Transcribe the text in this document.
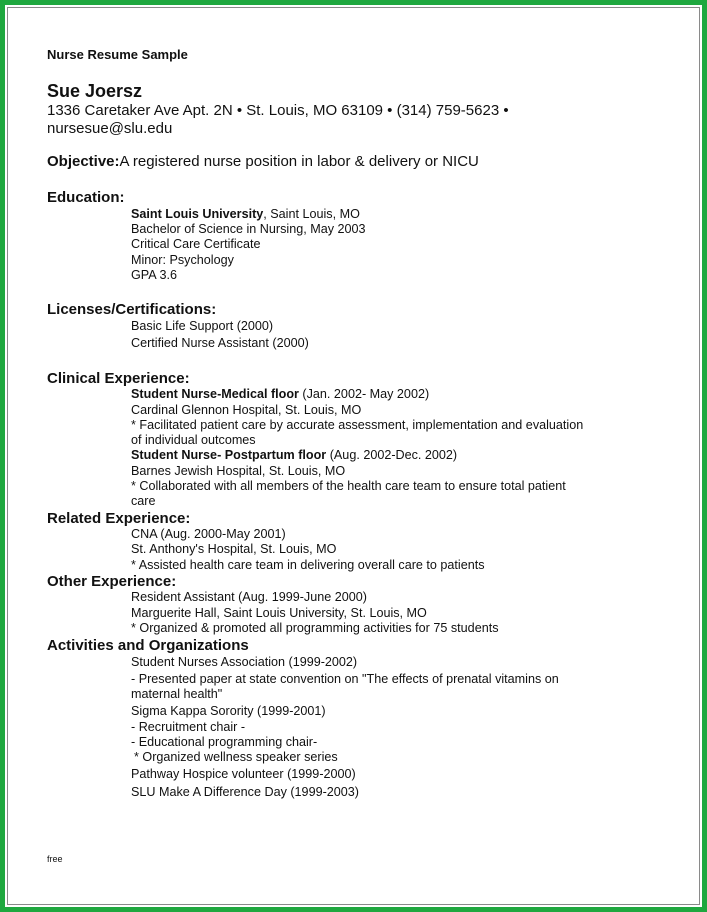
Nurse Resume Sample
Sue Joersz
1336 Caretaker Ave Apt. 2N • St. Louis, MO 63109 • (314) 759-5623 •
nursesue@slu.edu
Objective:A registered nurse position in labor & delivery or NICU
Education:
Saint Louis University, Saint Louis, MO
Bachelor of Science in Nursing, May 2003
Critical Care Certificate
Minor: Psychology
GPA 3.6
Licenses/Certifications:
Basic Life Support (2000)
Certified Nurse Assistant (2000)
Clinical Experience:
Student Nurse-Medical floor (Jan. 2002- May 2002)
Cardinal Glennon Hospital, St. Louis, MO
* Facilitated patient care by accurate assessment, implementation and evaluation
of individual outcomes
Student Nurse- Postpartum floor (Aug. 2002-Dec. 2002)
Barnes Jewish Hospital, St. Louis, MO
* Collaborated with all members of the health care team to ensure total patient
care
Related Experience:
CNA (Aug. 2000-May 2001)
St. Anthony's Hospital, St. Louis, MO
* Assisted health care team in delivering overall care to patients
Other Experience:
Resident Assistant (Aug. 1999-June 2000)
Marguerite Hall, Saint Louis University, St. Louis, MO
* Organized & promoted all programming activities for 75 students
Activities and Organizations
Student Nurses Association (1999-2002)
- Presented paper at state convention on "The effects of prenatal vitamins on
maternal health"
Sigma Kappa Sorority (1999-2001)
- Recruitment chair -
- Educational programming chair-
* Organized wellness speaker series
Pathway Hospice volunteer (1999-2000)
SLU Make A Difference Day (1999-2003)
free
